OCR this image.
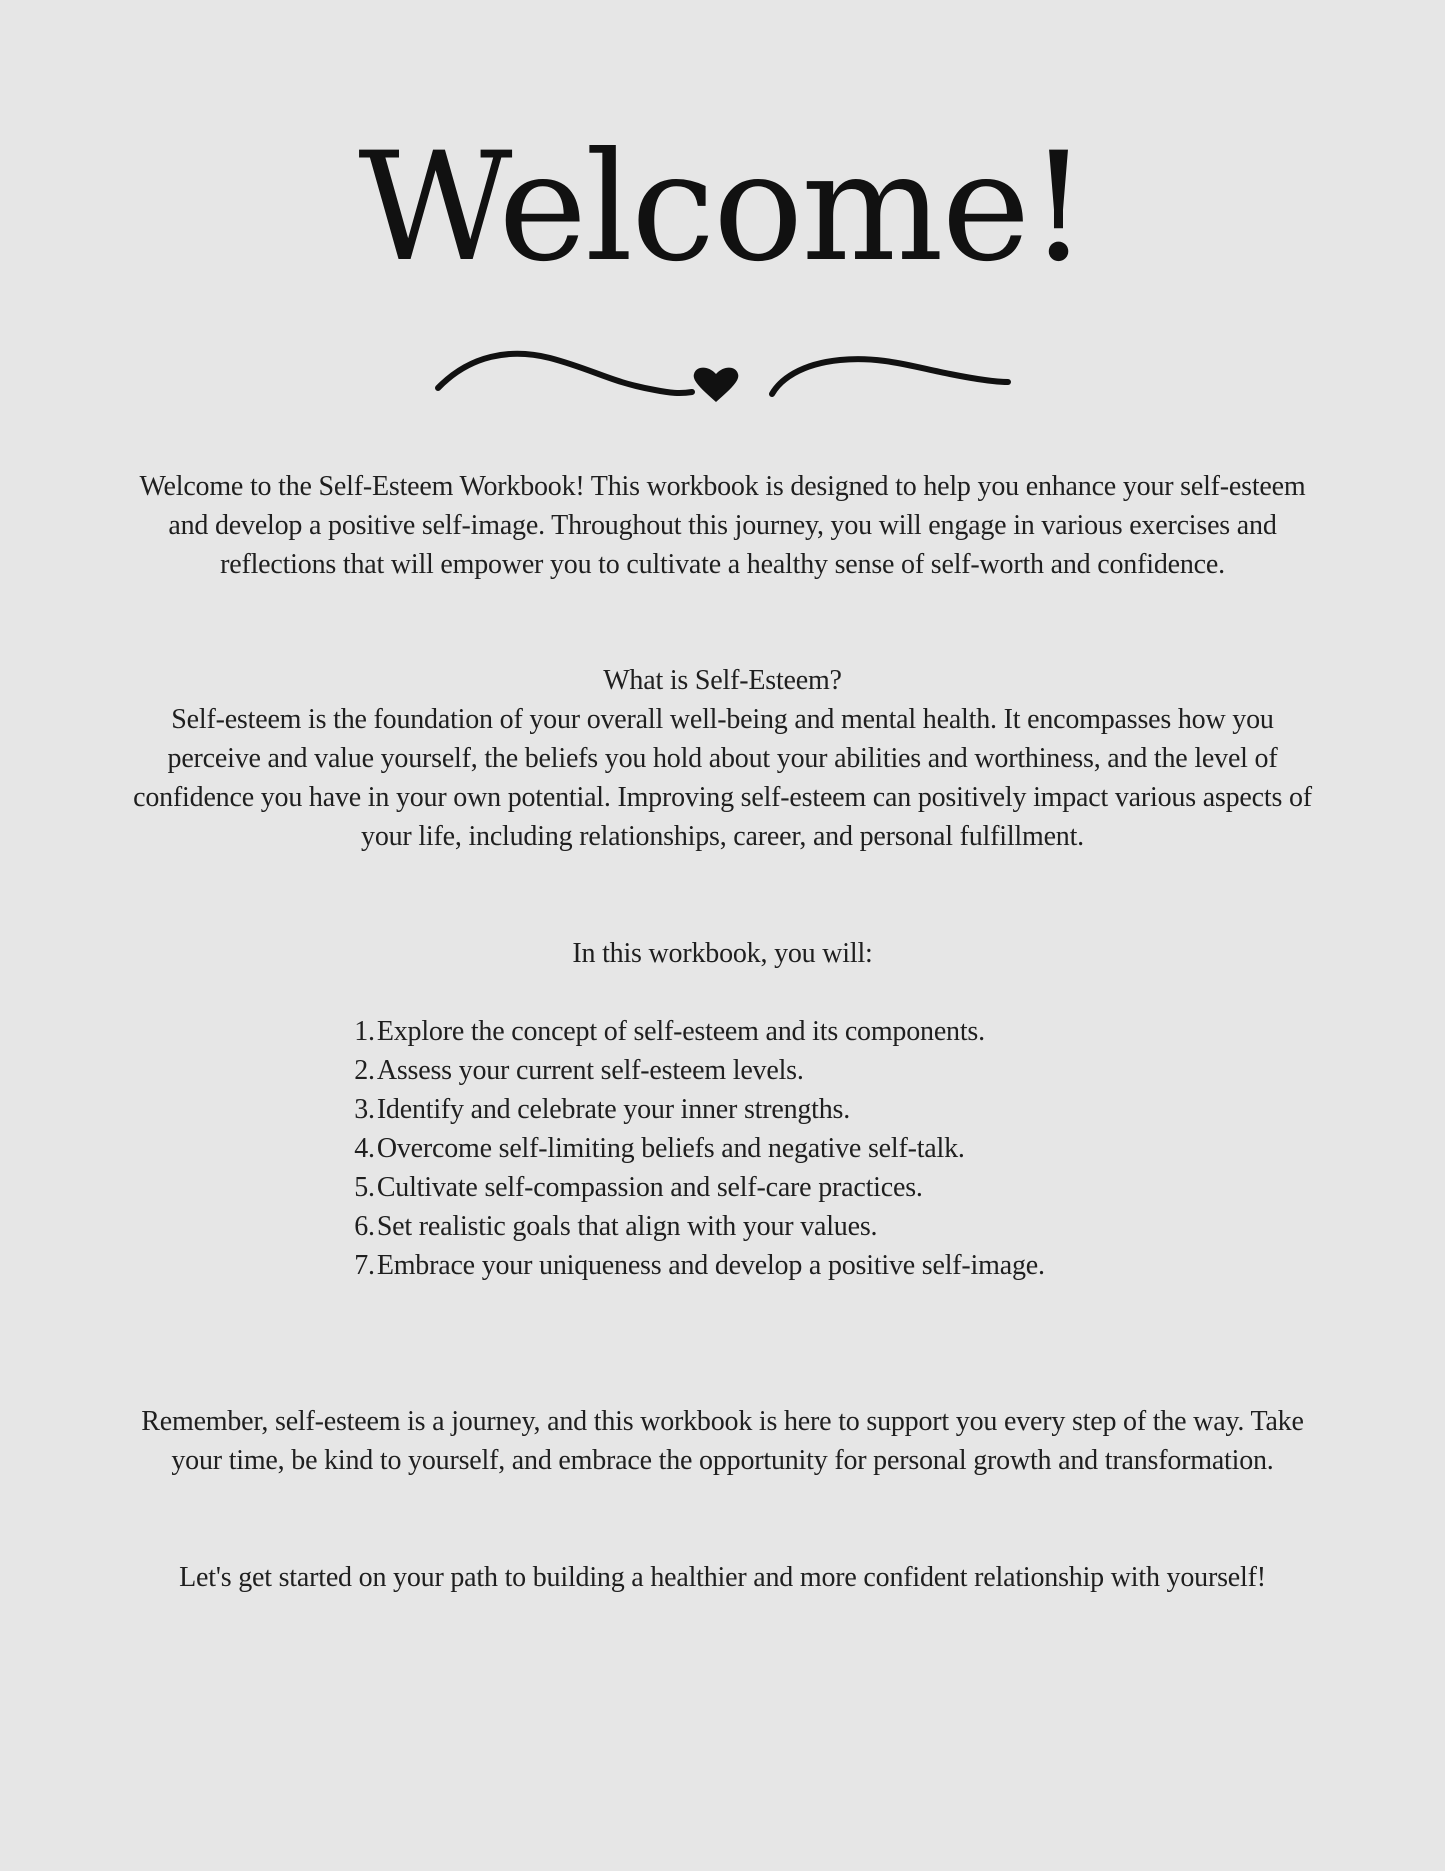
Welcome!
Welcome to the Self-Esteem Workbook! This workbook is designed to help you enhance your self-esteem and develop a positive self-image. Throughout this journey, you will engage in various exercises and reflections that will empower you to cultivate a healthy sense of self-worth and confidence.
What is Self-Esteem?
Self-esteem is the foundation of your overall well-being and mental health. It encompasses how you perceive and value yourself, the beliefs you hold about your abilities and worthiness, and the level of confidence you have in your own potential. Improving self-esteem can positively impact various aspects of your life, including relationships, career, and personal fulfillment.
In this workbook, you will:
1 . Explore the concept of self-esteem and its components.
2 . Assess your current self-esteem levels.
3 . Identify and celebrate your inner strengths.
4 . Overcome self-limiting beliefs and negative self-talk.
5 . Cultivate self-compassion and self-care practices.
6 . Set realistic goals that align with your values.
7 . Embrace your uniqueness and develop a positive self-image.
Remember, self-esteem is a journey, and this workbook is here to support you every step of the way. Take your time, be kind to yourself, and embrace the opportunity for personal growth and transformation.
Let's get started on your path to building a healthier and more confident relationship with yourself!
